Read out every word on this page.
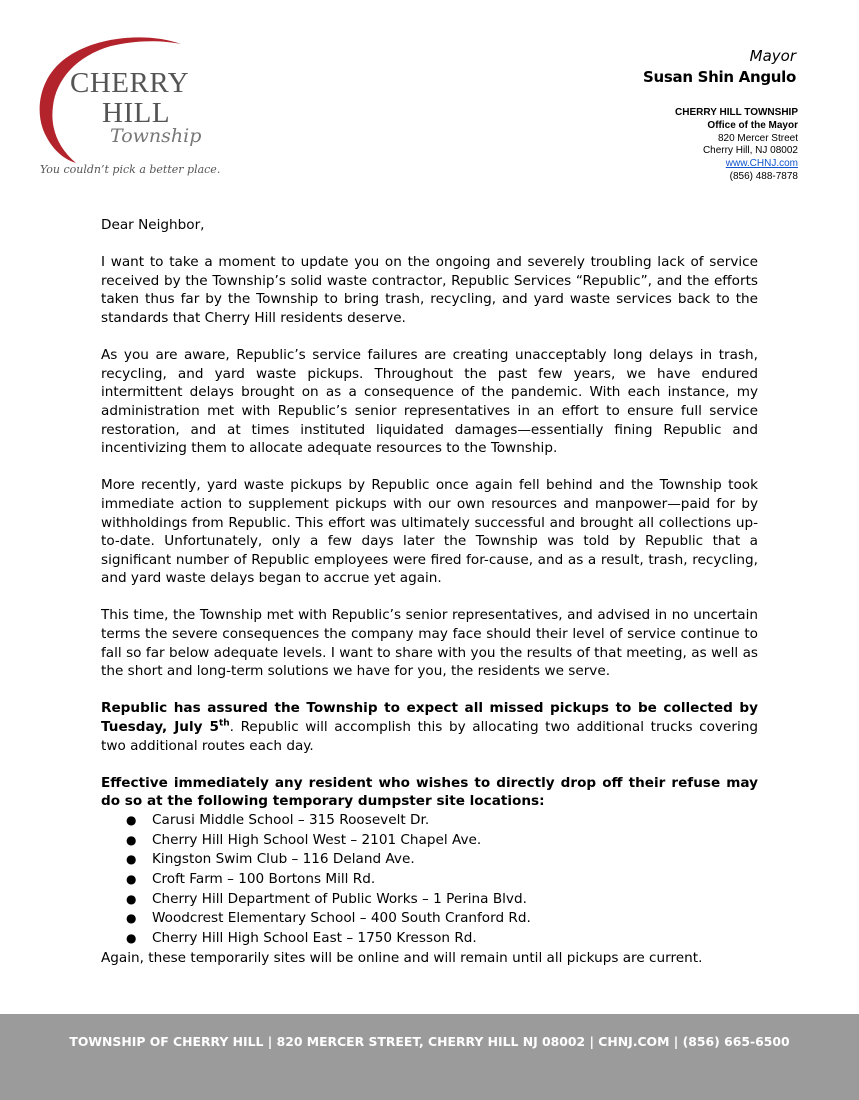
CHERRY
HILL
Township
You couldn’t pick a better place.
Mayor
Susan Shin Angulo
CHERRY HILL TOWNSHIP
Office of the Mayor
820 Mercer Street
Cherry Hill, NJ 08002
www.CHNJ.com
(856) 488-7878

Dear Neighbor,

I want to take a moment to update you on the ongoing and severely troubling lack of service received by the Township’s solid waste contractor, Republic Services “Republic”, and the efforts taken thus far by the Township to bring trash, recycling, and yard waste services back to the standards that Cherry Hill residents deserve.

As you are aware, Republic’s service failures are creating unacceptably long delays in trash, recycling, and yard waste pickups. Throughout the past few years, we have endured intermittent delays brought on as a consequence of the pandemic. With each instance, my administration met with Republic’s senior representatives in an effort to ensure full service restoration, and at times instituted liquidated damages—essentially fining Republic and incentivizing them to allocate adequate resources to the Township.

More recently, yard waste pickups by Republic once again fell behind and the Township took immediate action to supplement pickups with our own resources and manpower—paid for by withholdings from Republic. This effort was ultimately successful and brought all collections up-to-date. Unfortunately, only a few days later the Township was told by Republic that a significant number of Republic employees were fired for-cause, and as a result, trash, recycling, and yard waste delays began to accrue yet again.

This time, the Township met with Republic’s senior representatives, and advised in no uncertain terms the severe consequences the company may face should their level of service continue to fall so far below adequate levels. I want to share with you the results of that meeting, as well as the short and long-term solutions we have for you, the residents we serve.

Republic has assured the Township to expect all missed pickups to be collected by Tuesday, July 5th. Republic will accomplish this by allocating two additional trucks covering two additional routes each day.

Effective immediately any resident who wishes to directly drop off their refuse may do so at the following temporary dumpster site locations:

● Carusi Middle School – 315 Roosevelt Dr.
● Cherry Hill High School West – 2101 Chapel Ave.
● Kingston Swim Club – 116 Deland Ave.
● Croft Farm – 100 Bortons Mill Rd.
● Cherry Hill Department of Public Works – 1 Perina Blvd.
● Woodcrest Elementary School – 400 South Cranford Rd.
● Cherry Hill High School East – 1750 Kresson Rd.

Again, these temporarily sites will be online and will remain until all pickups are current.

TOWNSHIP OF CHERRY HILL | 820 MERCER STREET, CHERRY HILL NJ 08002 | CHNJ.COM | (856) 665-6500
